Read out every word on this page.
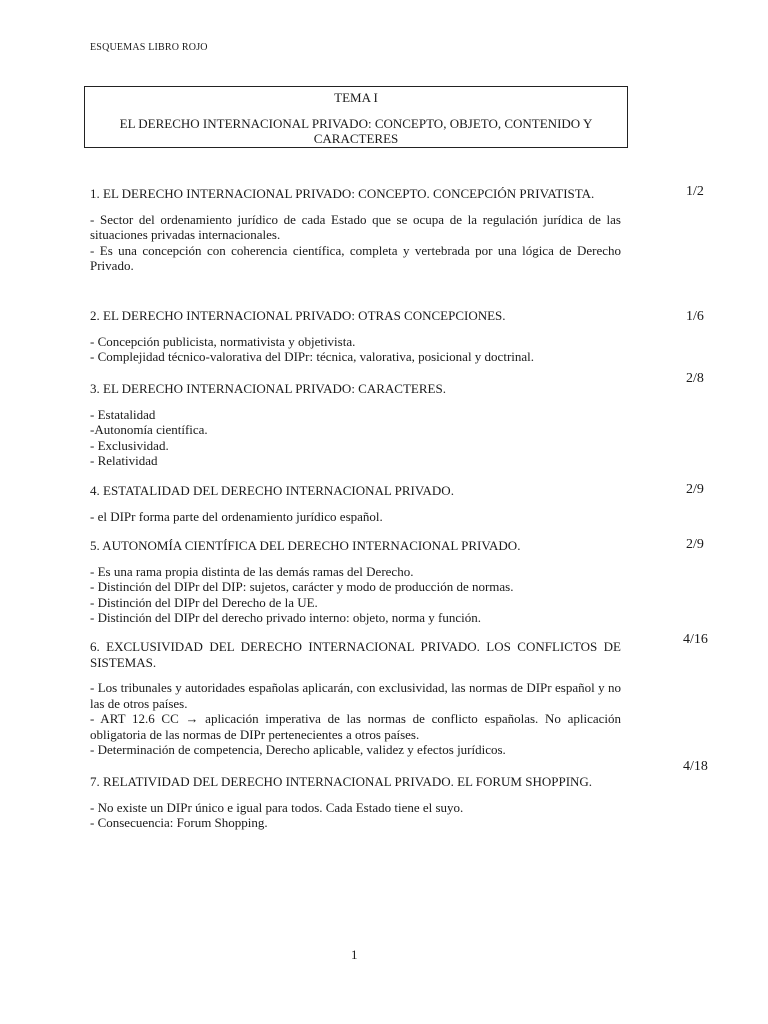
ESQUEMAS LIBRO ROJO
TEMA I
EL DERECHO INTERNACIONAL PRIVADO: CONCEPTO, OBJETO, CONTENIDO Y CARACTERES
1. EL DERECHO INTERNACIONAL PRIVADO: CONCEPTO. CONCEPCIÓN PRIVATISTA.
- Sector del ordenamiento jurídico de cada Estado que se ocupa de la regulación jurídica de las situaciones privadas internacionales.
- Es una concepción con coherencia científica, completa y vertebrada por una lógica de Derecho Privado.
1/2
2. EL DERECHO INTERNACIONAL PRIVADO: OTRAS CONCEPCIONES.
- Concepción publicista, normativista y objetivista.
- Complejidad técnico-valorativa del DIPr: técnica, valorativa, posicional y doctrinal.
1/6
3. EL DERECHO INTERNACIONAL PRIVADO: CARACTERES.
- Estatalidad
-Autonomía científica.
- Exclusividad.
- Relatividad
2/8
4. ESTATALIDAD DEL DERECHO INTERNACIONAL PRIVADO.
- el DIPr forma parte del ordenamiento jurídico español.
2/9
5. AUTONOMÍA CIENTÍFICA DEL DERECHO INTERNACIONAL PRIVADO.
- Es una rama propia distinta de las demás ramas del Derecho.
- Distinción del DIPr del DIP: sujetos, carácter y modo de producción de normas.
- Distinción del DIPr del Derecho de la UE.
- Distinción del DIPr del derecho privado interno: objeto, norma y función.
2/9
6. EXCLUSIVIDAD DEL DERECHO INTERNACIONAL PRIVADO. LOS CONFLICTOS DE SISTEMAS.
- Los tribunales y autoridades españolas aplicarán, con exclusividad, las normas de DIPr español y no las de otros países.
- ART 12.6 CC → aplicación imperativa de las normas de conflicto españolas. No aplicación obligatoria de las normas de DIPr pertenecientes a otros países.
- Determinación de competencia, Derecho aplicable, validez y efectos jurídicos.
4/16
7. RELATIVIDAD DEL DERECHO INTERNACIONAL PRIVADO. EL FORUM SHOPPING.
- No existe un DIPr único e igual para todos. Cada Estado tiene el suyo.
- Consecuencia: Forum Shopping.
4/18
1
